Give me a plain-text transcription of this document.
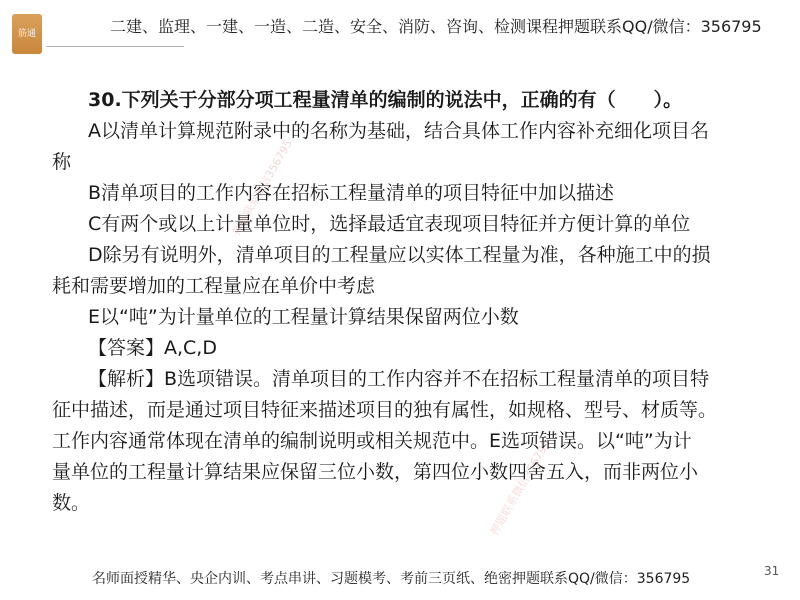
筋通	二建、监理、一建、一造、二造、安全、消防、咨询、检测课程押题联系QQ/微信：356795
押题联系微信356795
押题联系微信356795
30.下列关于分部分项工程量清单的编制的说法中，正确的有（　　）。
A以清单计算规范附录中的名称为基础，结合具体工作内容补充细化项目名
称
B清单项目的工作内容在招标工程量清单的项目特征中加以描述
C有两个或以上计量单位时，选择最适宜表现项目特征并方便计算的单位
D除另有说明外，清单项目的工程量应以实体工程量为准，各种施工中的损
耗和需要增加的工程量应在单价中考虑
E以“吨”为计量单位的工程量计算结果保留两位小数
【答案】A,C,D
【解析】B选项错误。清单项目的工作内容并不在招标工程量清单的项目特
征中描述，而是通过项目特征来描述项目的独有属性，如规格、型号、材质等。
工作内容通常体现在清单的编制说明或相关规范中。E选项错误。以“吨”为计
量单位的工程量计算结果应保留三位小数，第四位小数四舍五入，而非两位小
数。
名师面授精华、央企内训、考点串讲、习题模考、考前三页纸、绝密押题联系QQ/微信：356795	31
